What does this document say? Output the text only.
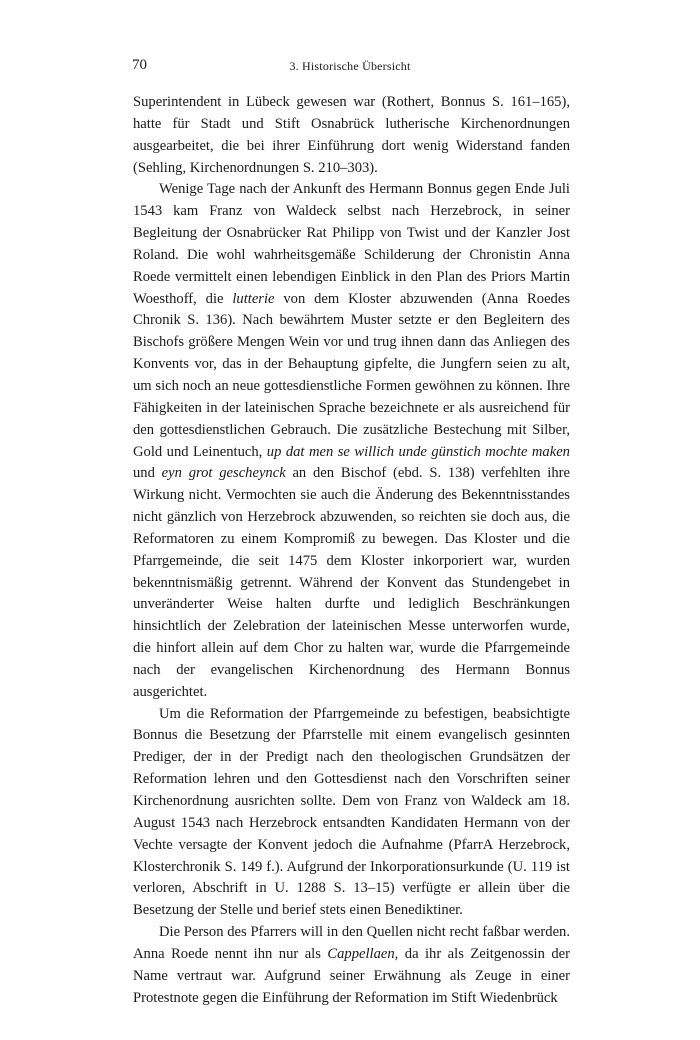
70	3. Historische Übersicht

Superintendent in Lübeck gewesen war (Rothert, Bonnus S. 161–165), hatte für Stadt und Stift Osnabrück lutherische Kirchenordnungen ausgearbeitet, die bei ihrer Einführung dort wenig Widerstand fanden (Sehling, Kirchenordnungen S. 210–303).

Wenige Tage nach der Ankunft des Hermann Bonnus gegen Ende Juli 1543 kam Franz von Waldeck selbst nach Herzebrock, in seiner Begleitung der Osnabrücker Rat Philipp von Twist und der Kanzler Jost Roland. Die wohl wahrheitsgemäße Schilderung der Chronistin Anna Roede vermittelt einen lebendigen Einblick in den Plan des Priors Martin Woesthoff, die lutterie von dem Kloster abzuwenden (Anna Roedes Chronik S. 136). Nach bewährtem Muster setzte er den Begleitern des Bischofs größere Mengen Wein vor und trug ihnen dann das Anliegen des Konvents vor, das in der Behauptung gipfelte, die Jungfern seien zu alt, um sich noch an neue gottesdienstliche Formen gewöhnen zu können. Ihre Fähigkeiten in der lateinischen Sprache bezeichnete er als ausreichend für den gottesdienstlichen Gebrauch. Die zusätzliche Bestechung mit Silber, Gold und Leinentuch, up dat men se willich unde günstich mochte maken und eyn grot gescheynck an den Bischof (ebd. S. 138) verfehlten ihre Wirkung nicht. Vermochten sie auch die Änderung des Bekenntnisstandes nicht gänzlich von Herzebrock abzuwenden, so reichten sie doch aus, die Reformatoren zu einem Kompromiß zu bewegen. Das Kloster und die Pfarrgemeinde, die seit 1475 dem Kloster inkorporiert war, wurden bekenntnismäßig getrennt. Während der Konvent das Stundengebet in unveränderter Weise halten durfte und lediglich Beschränkungen hinsichtlich der Zelebration der lateinischen Messe unterworfen wurde, die hinfort allein auf dem Chor zu halten war, wurde die Pfarrgemeinde nach der evangelischen Kirchenordnung des Hermann Bonnus ausgerichtet.

Um die Reformation der Pfarrgemeinde zu befestigen, beabsichtigte Bonnus die Besetzung der Pfarrstelle mit einem evangelisch gesinnten Prediger, der in der Predigt nach den theologischen Grundsätzen der Reformation lehren und den Gottesdienst nach den Vorschriften seiner Kirchenordnung ausrichten sollte. Dem von Franz von Waldeck am 18. August 1543 nach Herzebrock entsandten Kandidaten Hermann von der Vechte versagte der Konvent jedoch die Aufnahme (PfarrA Herzebrock, Klosterchronik S. 149 f.). Aufgrund der Inkorporationsurkunde (U. 119 ist verloren, Abschrift in U. 1288 S. 13–15) verfügte er allein über die Besetzung der Stelle und berief stets einen Benediktiner.

Die Person des Pfarrers will in den Quellen nicht recht faßbar werden. Anna Roede nennt ihn nur als Cappellaen, da ihr als Zeitgenossin der Name vertraut war. Aufgrund seiner Erwähnung als Zeuge in einer Protestnote gegen die Einführung der Reformation im Stift Wiedenbrück
